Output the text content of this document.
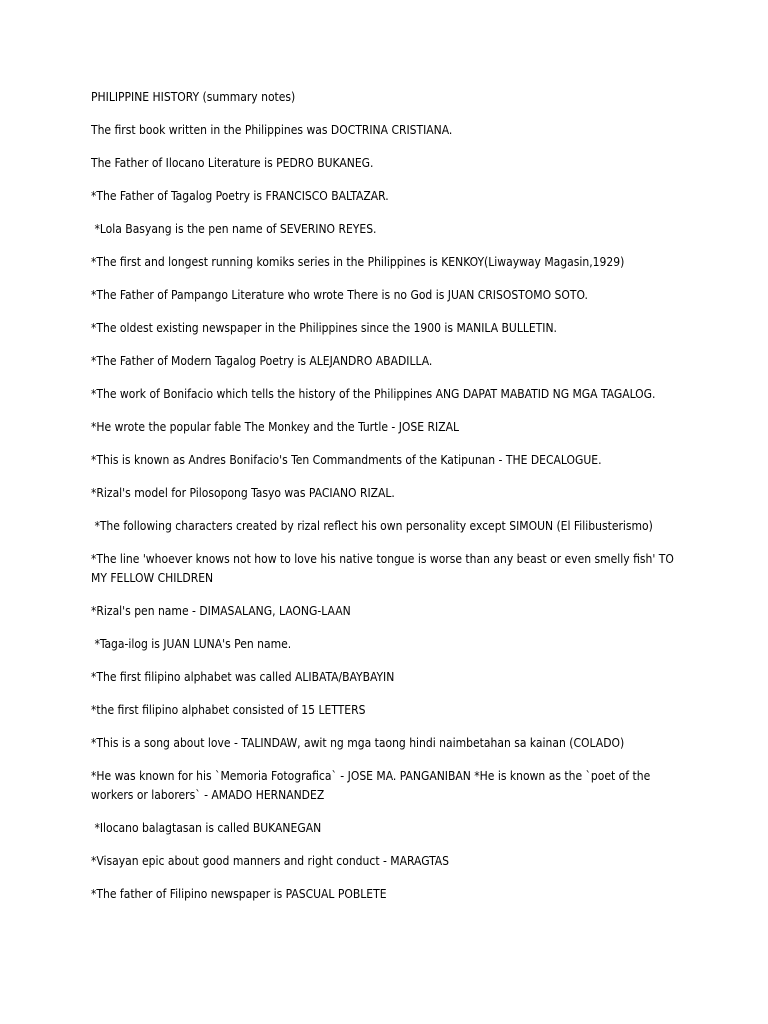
PHILIPPINE HISTORY (summary notes)

The first book written in the Philippines was DOCTRINA CRISTIANA.

The Father of Ilocano Literature is PEDRO BUKANEG.

*The Father of Tagalog Poetry is FRANCISCO BALTAZAR.

*Lola Basyang is the pen name of SEVERINO REYES.

*The first and longest running komiks series in the Philippines is KENKOY(Liwayway Magasin,1929)

*The Father of Pampango Literature who wrote There is no God is JUAN CRISOSTOMO SOTO.

*The oldest existing newspaper in the Philippines since the 1900 is MANILA BULLETIN.

*The Father of Modern Tagalog Poetry is ALEJANDRO ABADILLA.

*The work of Bonifacio which tells the history of the Philippines ANG DAPAT MABATID NG MGA TAGALOG.

*He wrote the popular fable The Monkey and the Turtle - JOSE RIZAL

*This is known as Andres Bonifacio's Ten Commandments of the Katipunan - THE DECALOGUE.

*Rizal's model for Pilosopong Tasyo was PACIANO RIZAL.

*The following characters created by rizal reflect his own personality except SIMOUN (El Filibusterismo)

*The line 'whoever knows not how to love his native tongue is worse than any beast or even smelly fish' TO MY FELLOW CHILDREN

*Rizal's pen name - DIMASALANG, LAONG-LAAN

*Taga-ilog is JUAN LUNA's Pen name.

*The first filipino alphabet was called ALIBATA/BAYBAYIN

*the first filipino alphabet consisted of 15 LETTERS

*This is a song about love - TALINDAW, awit ng mga taong hindi naimbetahan sa kainan (COLADO)

*He was known for his `Memoria Fotografica` - JOSE MA. PANGANIBAN *He is known as the `poet of the workers or laborers` - AMADO HERNANDEZ

*Ilocano balagtasan is called BUKANEGAN

*Visayan epic about good manners and right conduct - MARAGTAS

*The father of Filipino newspaper is PASCUAL POBLETE
